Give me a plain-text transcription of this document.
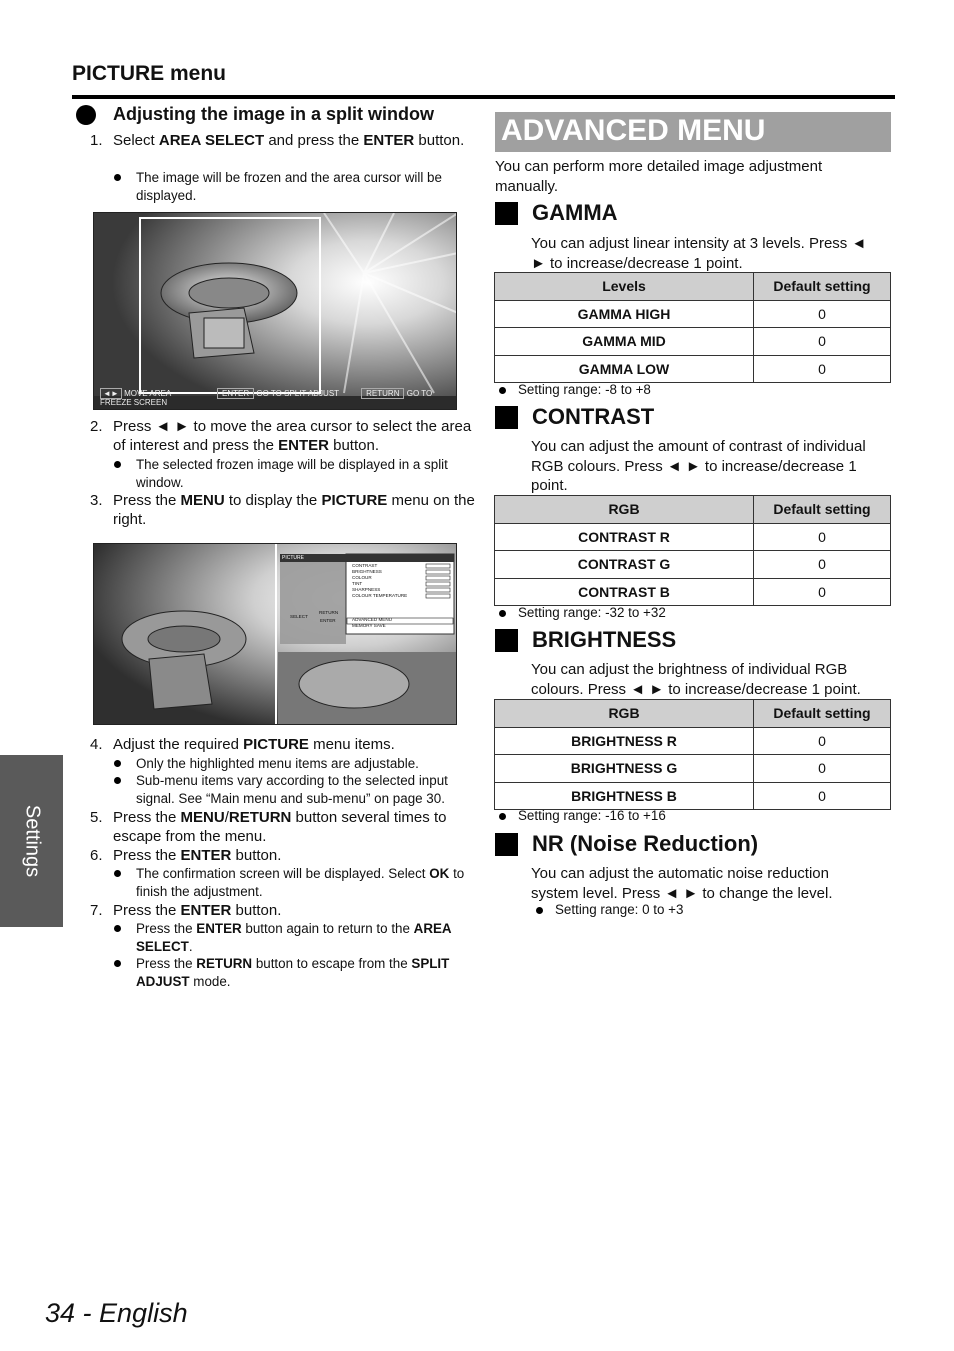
PICTURE menu
Settings
34 - English
Adjusting the image in a split window
1. Select AREA SELECT and press the ENTER button.
The image will be frozen and the area cursor will be displayed.
◄► MOVE AREA	ENTER GO TO SPLIT ADJUST	RETURN GO TO FREEZE SCREEN
2. Press ◄ ► to move the area cursor to select the area of interest and press the ENTER button.
The selected frozen image will be displayed in a split window.
3. Press the MENU to display the PICTURE menu on the right.
PICTURE
CONTRAST
BRIGHTNESS
COLOUR
TINT
SHARPNESS
COLOUR TEMPERATURE
ADVANCED MENU
MEMORY SAVE
SELECT
RETURN
ENTER
4. Adjust the required PICTURE menu items.
Only the highlighted menu items are adjustable.
Sub-menu items vary according to the selected input signal. See “Main menu and sub-menu” on page 30.
5. Press the MENU/RETURN button several times to escape from the menu.
6. Press the ENTER button.
The confirmation screen will be displayed. Select OK to finish the adjustment.
7. Press the ENTER button.
Press the ENTER button again to return to the AREA SELECT.
Press the RETURN button to escape from the SPLIT ADJUST mode.
ADVANCED MENU
You can perform more detailed image adjustment manually.
GAMMA
You can adjust linear intensity at 3 levels. Press ◄ ► to increase/decrease 1 point.
Levels	Default setting
GAMMA HIGH	0
GAMMA MID	0
GAMMA LOW	0
Setting range: -8 to +8
CONTRAST
You can adjust the amount of contrast of individual RGB colours. Press ◄ ► to increase/decrease 1 point.
RGB	Default setting
CONTRAST R	0
CONTRAST G	0
CONTRAST B	0
Setting range: -32 to +32
BRIGHTNESS
You can adjust the brightness of individual RGB colours. Press ◄ ► to increase/decrease 1 point.
RGB	Default setting
BRIGHTNESS R	0
BRIGHTNESS G	0
BRIGHTNESS B	0
Setting range: -16 to +16
NR (Noise Reduction)
You can adjust the automatic noise reduction system level. Press ◄ ► to change the level.
Setting range: 0 to +3
